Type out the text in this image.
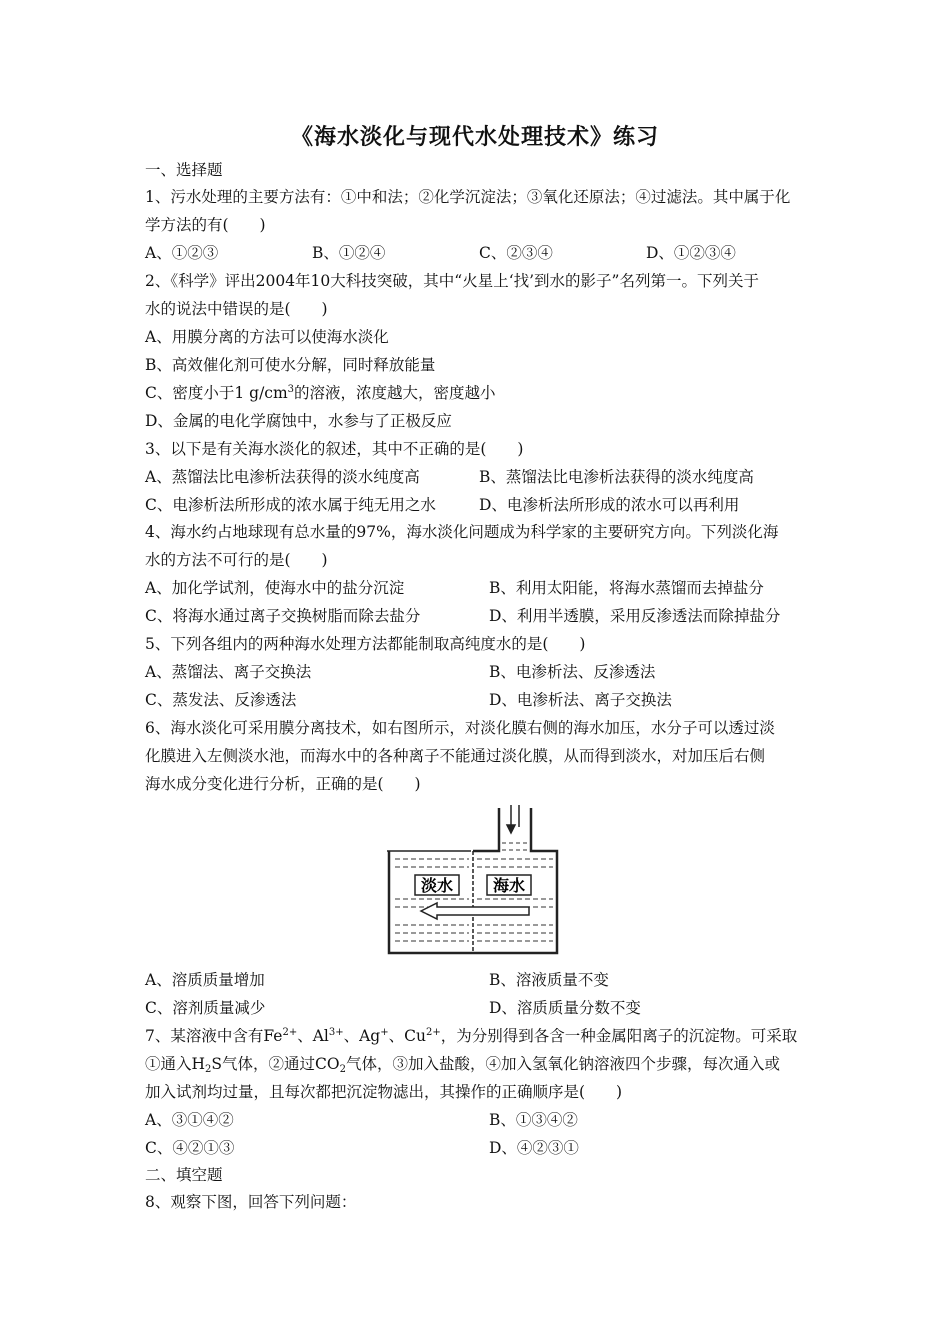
《海水淡化与现代水处理技术》练习
一、选择题
1、污水处理的主要方法有：①中和法；②化学沉淀法；③氧化还原法；④过滤法。其中属于化
学方法的有(　　)
A、①②③	B、①②④	C、②③④	D、①②③④
2、《科学》评出2004年10大科技突破，其中“火星上‘找’到水的影子”名列第一。下列关于
水的说法中错误的是(　　)
A、用膜分离的方法可以使海水淡化
B、高效催化剂可使水分解，同时释放能量
C、密度小于1 $g/cm^3$的溶液，浓度越大，密度越小
D、金属的电化学腐蚀中，水参与了正极反应
3、以下是有关海水淡化的叙述，其中不正确的是(　　)
A、蒸馏法比电渗析法获得的淡水纯度高	B、蒸馏法比电渗析法获得的淡水纯度高
C、电渗析法所形成的浓水属于纯无用之水	D、电渗析法所形成的浓水可以再利用
4、海水约占地球现有总水量的97%，海水淡化问题成为科学家的主要研究方向。下列淡化海
水的方法不可行的是(　　)
A、加化学试剂，使海水中的盐分沉淀	B、利用太阳能，将海水蒸馏而去掉盐分
C、将海水通过离子交换树脂而除去盐分	D、利用半透膜，采用反渗透法而除掉盐分
5、下列各组内的两种海水处理方法都能制取高纯度水的是(　　)
A、蒸馏法、离子交换法	B、电渗析法、反渗透法
C、蒸发法、反渗透法	D、电渗析法、离子交换法
6、海水淡化可采用膜分离技术，如右图所示，对淡化膜右侧的海水加压，水分子可以透过淡
化膜进入左侧淡水池，而海水中的各种离子不能通过淡化膜，从而得到淡水，对加压后右侧
海水成分变化进行分析，正确的是(　　)
淡水 海水
A、溶质质量增加	B、溶液质量不变
C、溶剂质量减少	D、溶质质量分数不变
7、某溶液中含有$Fe^{2+}$、$Al^{3+}$、Ag+、$Cu^{2+}$，为分别得到各含一种金属阳离子的沉淀物。可采取
①通入$H_2S$气体，②通过$CO_2$气体，③加入盐酸，④加入氢氧化钠溶液四个步骤，每次通入或
加入试剂均过量，且每次都把沉淀物滤出，其操作的正确顺序是(　　)
A、③①④②	B、①③④②
C、④②①③	D、④②③①
二、填空题
8、观察下图，回答下列问题：
